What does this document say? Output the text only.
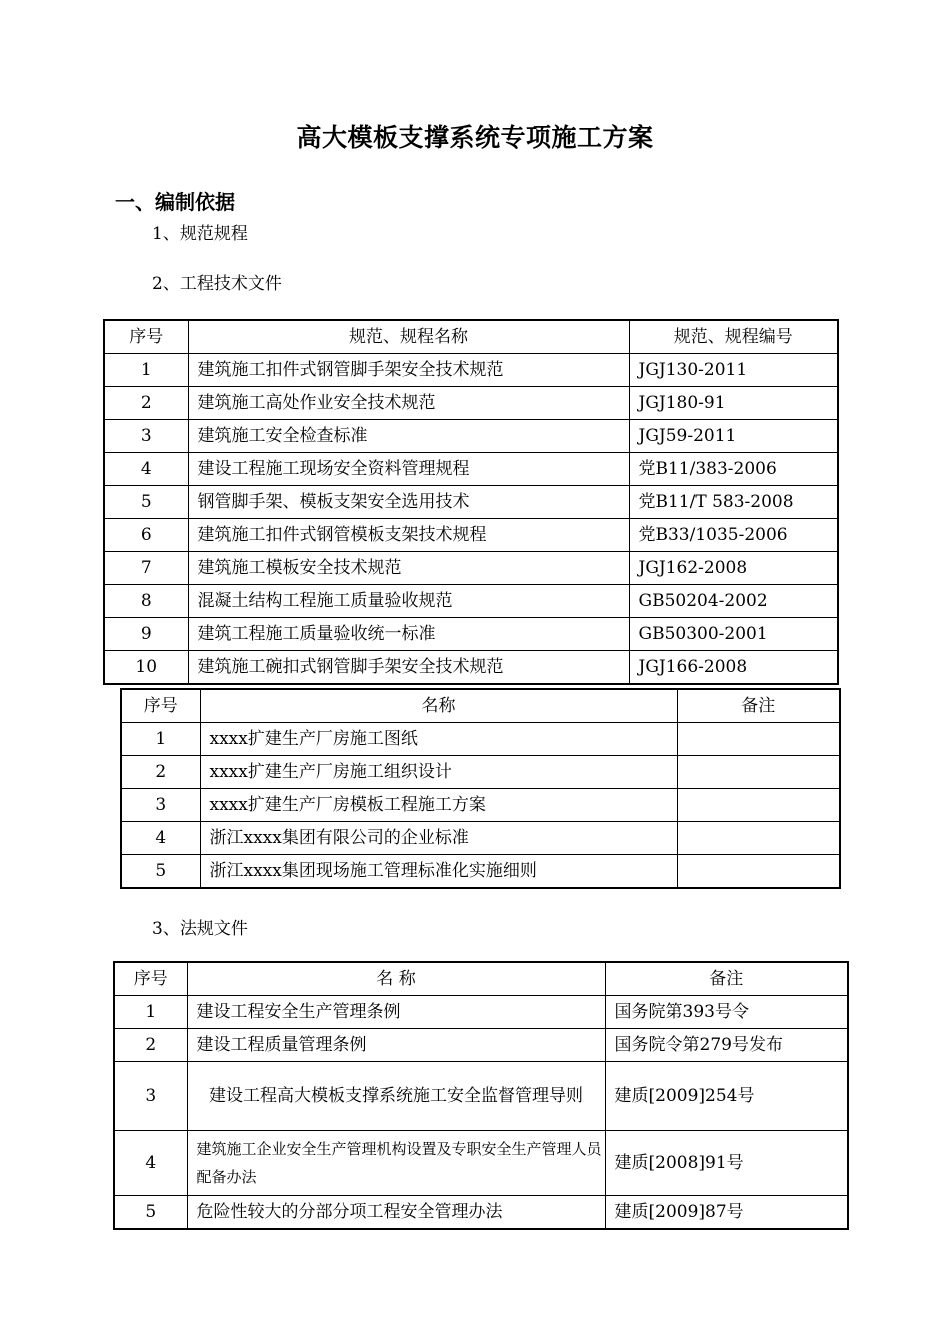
高大模板支撑系统专项施工方案
一、编制依据
1、规范规程
2、工程技术文件
序号	规范、规程名称	规范、规程编号
1	建筑施工扣件式钢管脚手架安全技术规范	JGJ130-2011
2	建筑施工高处作业安全技术规范	JGJ180-91
3	建筑施工安全检查标准	JGJ59-2011
4	建设工程施工现场安全资料管理规程	党B11/383-2006
5	钢管脚手架、模板支架安全选用技术	党B11/T 583-2008
6	建筑施工扣件式钢管模板支架技术规程	党B33/1035-2006
7	建筑施工模板安全技术规范	JGJ162-2008
8	混凝土结构工程施工质量验收规范	GB50204-2002
9	建筑工程施工质量验收统一标准	GB50300-2001
10	建筑施工碗扣式钢管脚手架安全技术规范	JGJ166-2008
序号	名称	备注
1	xxxx扩建生产厂房施工图纸	
2	xxxx扩建生产厂房施工组织设计	
3	xxxx扩建生产厂房模板工程施工方案	
4	浙江xxxx集团有限公司的企业标准	
5	浙江xxxx集团现场施工管理标准化实施细则	
3、法规文件
序号	名 称	备注
1	建设工程安全生产管理条例	国务院第393号令
2	建设工程质量管理条例	国务院令第279号发布
3	建设工程高大模板支撑系统施工安全监督管理导则	建质[2009]254号
4	建筑施工企业安全生产管理机构设置及专职安全生产管理人员配备办法	建质[2008]91号
5	危险性较大的分部分项工程安全管理办法	建质[2009]87号
